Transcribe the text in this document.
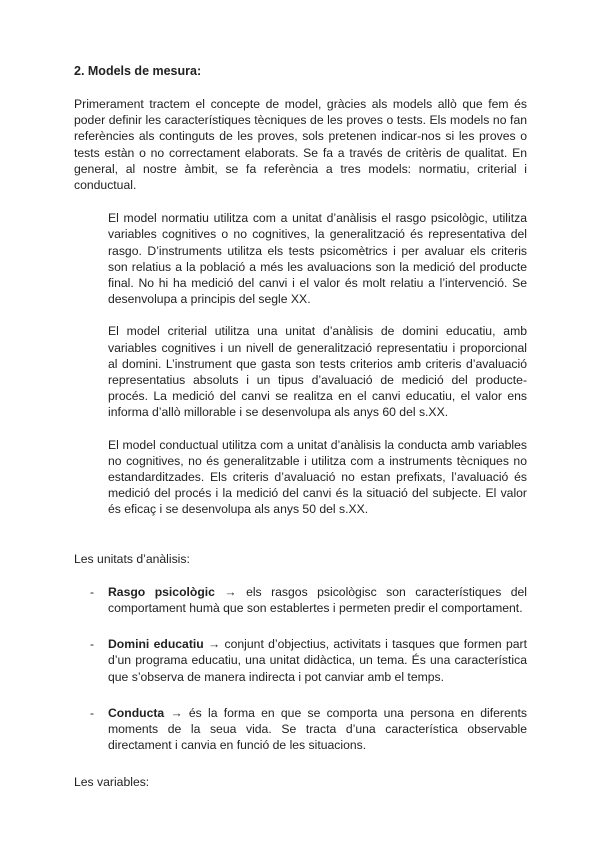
2. Models de mesura:

Primerament tractem el concepte de model, gràcies als models allò que fem és poder definir les característiques tècniques de les proves o tests. Els models no fan referències als continguts de les proves, sols pretenen indicar-nos si les proves o tests estàn o no correctament elaborats. Se fa a través de critèris de qualitat. En general, al nostre àmbit, se fa referència a tres models: normatiu, criterial i conductual.

El model normatiu utilitza com a unitat d’anàlisis el rasgo psicològic, utilitza variables cognitives o no cognitives, la generalització és representativa del rasgo. D’instruments utilitza els tests psicomètrics i per avaluar els criteris son relatius a la població a més les avaluacions son la medició del producte final. No hi ha medició del canvi i el valor és molt relatiu a l’intervenció. Se desenvolupa a principis del segle XX.

El model criterial utilitza una unitat d’anàlisis de domini educatiu, amb variables cognitives i un nivell de generalització representatiu i proporcional al domini. L’instrument que gasta son tests criterios amb criteris d’avaluació representatius absoluts i un tipus d’avaluació de medició del producte-procés. La medició del canvi se realitza en el canvi educatiu, el valor ens informa d’allò millorable i se desenvolupa als anys 60 del s.XX.

El model conductual utilitza com a unitat d’anàlisis la conducta amb variables no cognitives, no és generalitzable i utilitza com a instruments tècniques no estandarditzades. Els criteris d’avaluació no estan prefixats, l’avaluació és medició del procés i la medició del canvi és la situació del subjecte. El valor és eficaç i se desenvolupa als anys 50 del s.XX.

Les unitats d’anàlisis:

- Rasgo psicològic → els rasgos psicològisc son característiques del comportament humà que son establertes i permeten predir el comportament.
- Domini educatiu → conjunt d’objectius, activitats i tasques que formen part d’un programa educatiu, una unitat didàctica, un tema. És una característica que s’observa de manera indirecta i pot canviar amb el temps.
- Conducta → és la forma en que se comporta una persona en diferents moments de la seua vida. Se tracta d’una característica observable directament i canvia en funció de les situacions.

Les variables:
